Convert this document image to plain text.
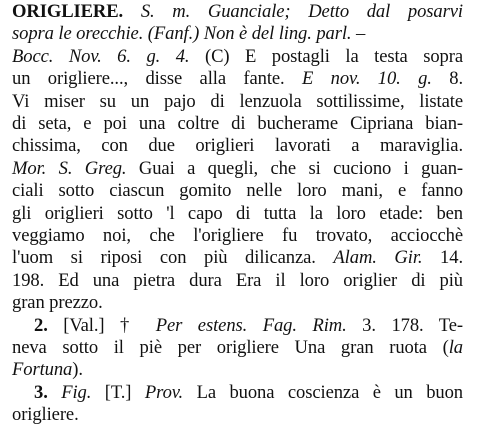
ORIGLIERE. S. m. Guanciale; Detto dal posarvi
sopra le orecchie. (Fanf.) Non è del ling. parl. –
Bocc. Nov. 6. g. 4. (C) E postagli la testa sopra
un origliere..., disse alla fante. E nov. 10. g. 8.
Vi miser su un pajo di lenzuola sottilissime, listate
di seta, e poi una coltre di bucherame Cipriana bian-
chissima, con due origlieri lavorati a maraviglia.
Mor. S. Greg. Guai a quegli, che si cuciono i guan-
ciali sotto ciascun gomito nelle loro mani, e fanno
gli origlieri sotto 'l capo di tutta la loro etade: ben
veggiamo noi, che l'origliere fu trovato, acciocchè
l'uom si riposi con più dilicanza. Alam. Gir. 14.
198. Ed una pietra dura Era il loro origlier di più
gran prezzo.
2. [Val.] † Per estens. Fag. Rim. 3. 178. Te-
neva sotto il piè per origliere Una gran ruota (la
Fortuna).
3. Fig. [T.] Prov. La buona coscienza è un buon
origliere.
